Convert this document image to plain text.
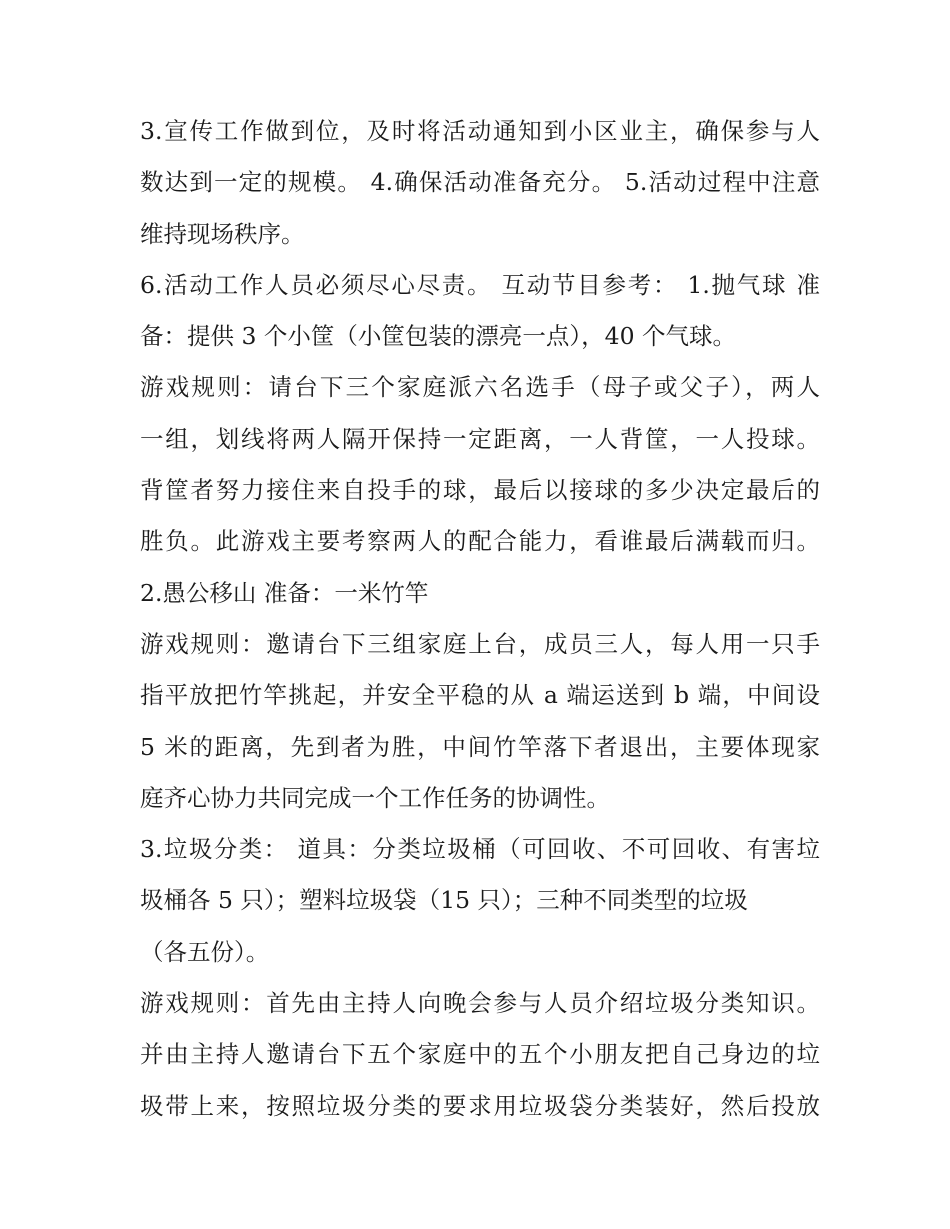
3.宣传工作做到位，及时将活动通知到小区业主，确保参与人
数达到一定的规模。 4.确保活动准备充分。 5.活动过程中注意
维持现场秩序。
6.活动工作人员必须尽心尽责。 互动节目参考： 1.抛气球 准
备：提供 3 个小筐（小筐包装的漂亮一点），40 个气球。
游戏规则：请台下三个家庭派六名选手（母子或父子），两人
一组，划线将两人隔开保持一定距离，一人背筐，一人投球。
背筐者努力接住来自投手的球，最后以接球的多少决定最后的
胜负。此游戏主要考察两人的配合能力，看谁最后满载而归。
2.愚公移山 准备：一米竹竿
游戏规则：邀请台下三组家庭上台，成员三人，每人用一只手
指平放把竹竿挑起，并安全平稳的从 a 端运送到 b 端，中间设
5 米的距离，先到者为胜，中间竹竿落下者退出，主要体现家
庭齐心协力共同完成一个工作任务的协调性。
3.垃圾分类： 道具：分类垃圾桶（可回收、不可回收、有害垃
圾桶各 5 只）；塑料垃圾袋（15 只）；三种不同类型的垃圾
（各五份）。
游戏规则：首先由主持人向晚会参与人员介绍垃圾分类知识。
并由主持人邀请台下五个家庭中的五个小朋友把自己身边的垃
圾带上来，按照垃圾分类的要求用垃圾袋分类装好，然后投放
